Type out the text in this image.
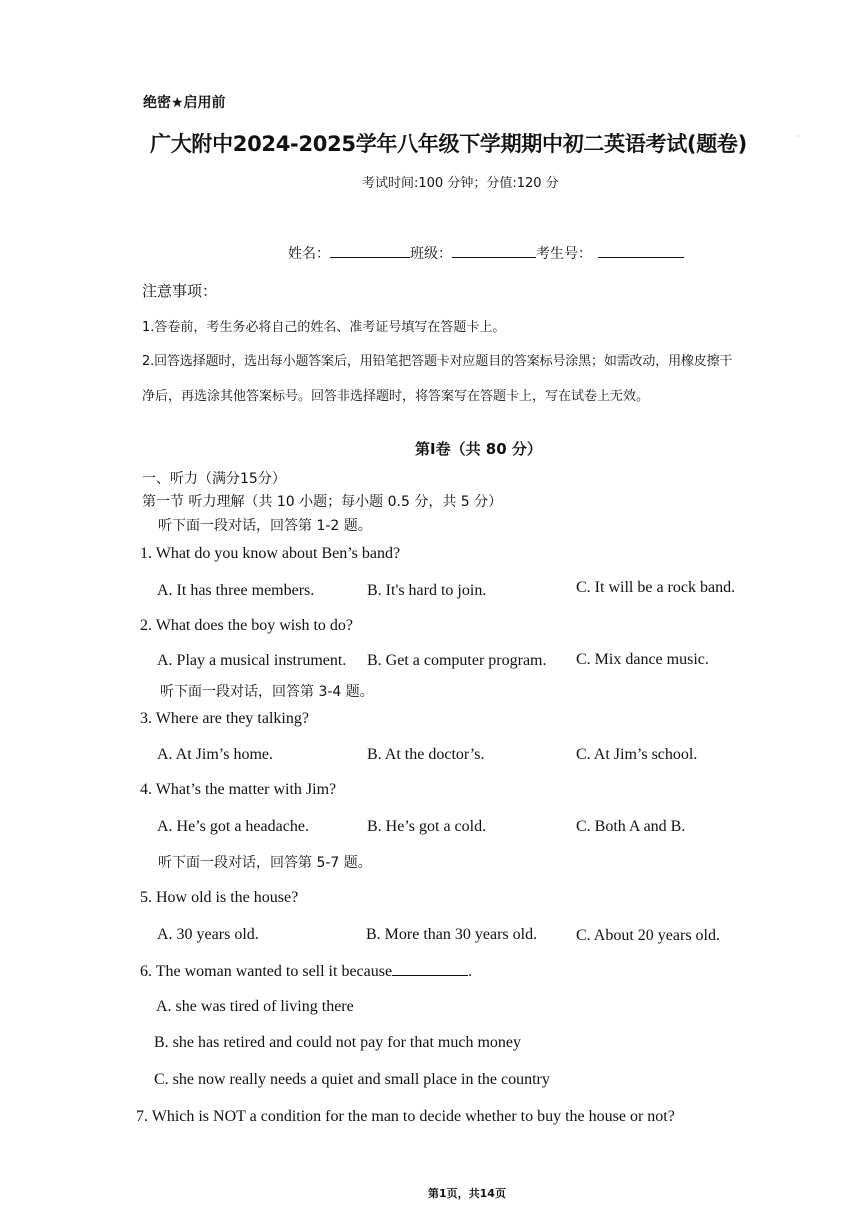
·
绝密★启用前
广大附中2024-2025学年八年级下学期期中初二英语考试(题卷)
考试时间:100 分钟；分值:120 分
姓名：	班级：	考生号：
注意事项：
1.答卷前，考生务必将自己的姓名、准考证号填写在答题卡上。
2.回答选择题时，选出每小题答案后，用铅笔把答题卡对应题目的答案标号涂黑；如需改动，用橡皮擦干
净后，再选涂其他答案标号。回答非选择题时，将答案写在答题卡上，写在试卷上无效。
第Ⅰ卷（共 80 分）
一、听力（满分15分）
第一节 听力理解（共 10 小题；每小题 0.5 分，共 5 分）
听下面一段对话，回答第 1-2 题。
1. What do you know about Ben’s band?
A. It has three members.	B. It's hard to join.	C. It will be a rock band.
2. What does the boy wish to do?
A. Play a musical instrument. B. Get a computer program. C. Mix dance music.
听下面一段对话，回答第 3-4 题。
3. Where are they talking?
A. At Jim’s home.	B. At the doctor’s.	C. At Jim’s school.
4. What’s the matter with Jim?
A. He’s got a headache.	B. He’s got a cold.	C. Both A and B.
听下面一段对话，回答第 5-7 题。
5. How old is the house?
A. 30 years old.	B. More than 30 years old. C. About 20 years old.
6. The woman wanted to sell it because	.
A. she was tired of living there
B. she has retired and could not pay for that much money
C. she now really needs a quiet and small place in the country
7. Which is NOT a condition for the man to decide whether to buy the house or not?
第1页，共14页
